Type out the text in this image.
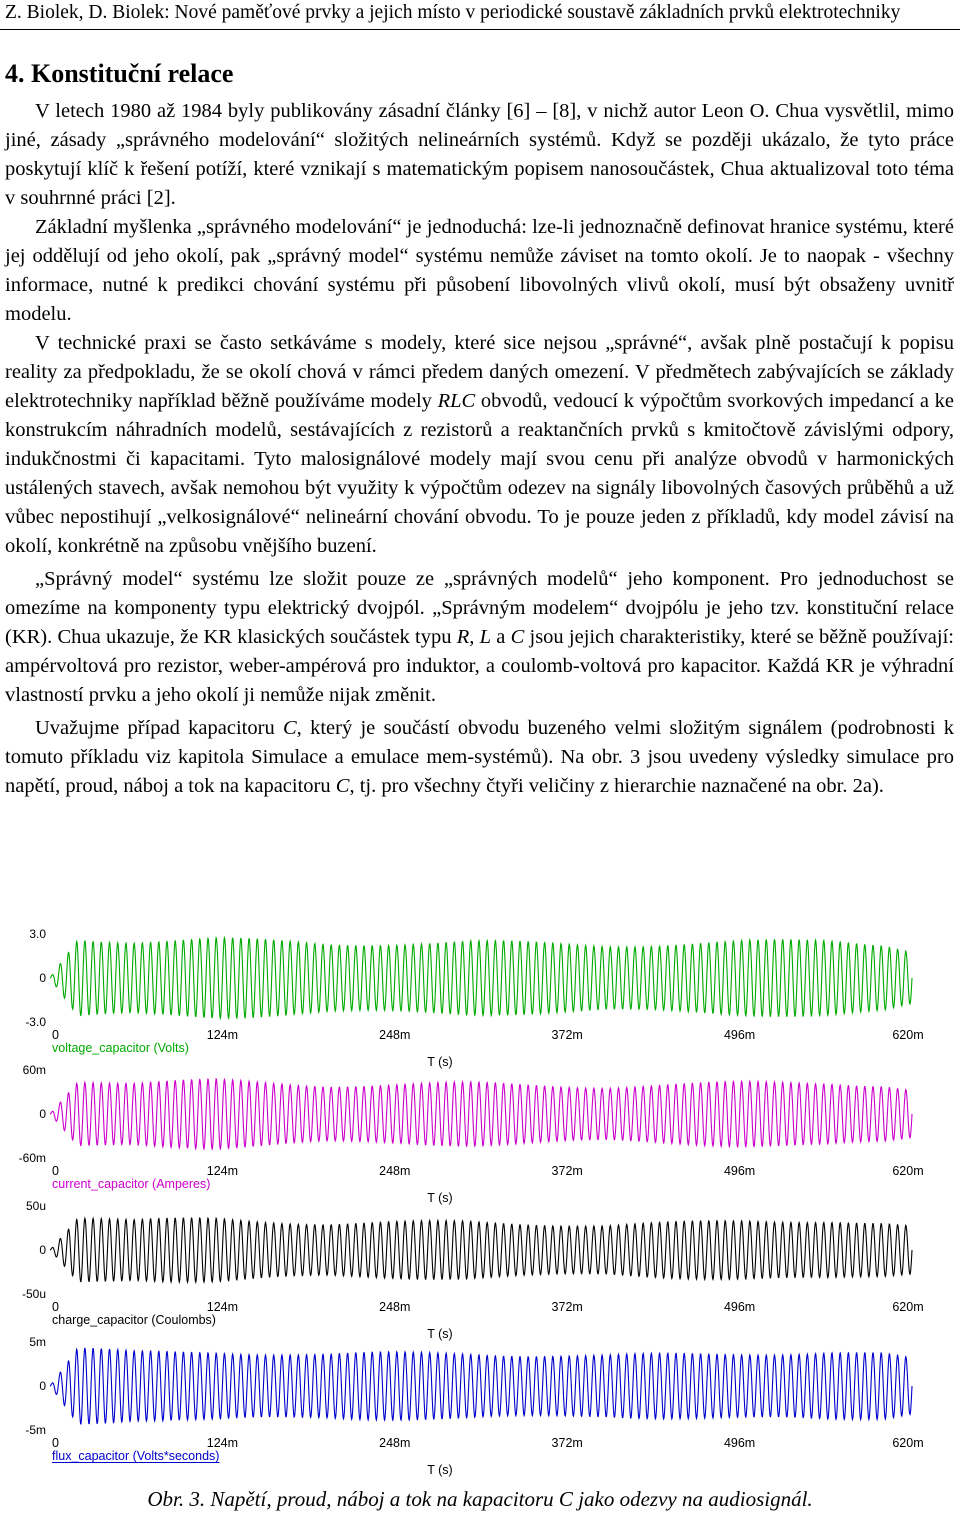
Z. Biolek, D. Biolek: Nové paměťové prvky a jejich místo v periodické soustavě základních prvků elektrotechniky
4. Konstituční relace

V letech 1980 až 1984 byly publikovány zásadní články [6] – [8], v nichž autor Leon O. Chua vysvětlil, mimo jiné, zásady „správného modelování“ složitých nelineárních systémů. Když se později ukázalo, že tyto práce poskytují klíč k řešení potíží, které vznikají s matematickým popisem nanosoučástek, Chua aktualizoval toto téma v souhrnné práci [2].

Základní myšlenka „správného modelování“ je jednoduchá: lze-li jednoznačně definovat hranice systému, které jej oddělují od jeho okolí, pak „správný model“ systému nemůže záviset na tomto okolí. Je to naopak - všechny informace, nutné k predikci chování systému při působení libovolných vlivů okolí, musí být obsaženy uvnitř modelu.

V technické praxi se často setkáváme s modely, které sice nejsou „správné“, avšak plně postačují k popisu reality za předpokladu, že se okolí chová v rámci předem daných omezení. V předmětech zabývajících se základy elektrotechniky například běžně používáme modely RLC obvodů, vedoucí k výpočtům svorkových impedancí a ke konstrukcím náhradních modelů, sestávajících z rezistorů a reaktančních prvků s kmitočtově závislými odpory, indukčnostmi či kapacitami. Tyto malosignálové modely mají svou cenu při analýze obvodů v harmonických ustálených stavech, avšak nemohou být využity k výpočtům odezev na signály libovolných časových průběhů a už vůbec nepostihují „velkosignálové“ nelineární chování obvodu. To je pouze jeden z příkladů, kdy model závisí na okolí, konkrétně na způsobu vnějšího buzení.

„Správný model“ systému lze složit pouze ze „správných modelů“ jeho komponent. Pro jednoduchost se omezíme na komponenty typu elektrický dvojpól. „Správným modelem“ dvojpólu je jeho tzv. konstituční relace (KR). Chua ukazuje, že KR klasických součástek typu R, L a C jsou jejich charakteristiky, které se běžně používají: ampérvoltová pro rezistor, weber-ampérová pro induktor, a coulomb-voltová pro kapacitor. Každá KR je výhradní vlastností prvku a jeho okolí ji nemůže nijak změnit.

Uvažujme případ kapacitoru C, který je součástí obvodu buzeného velmi složitým signálem (podrobnosti k tomuto příkladu viz kapitola Simulace a emulace mem-systémů). Na obr. 3 jsou uvedeny výsledky simulace pro napětí, proud, náboj a tok na kapacitoru C, tj. pro všechny čtyři veličiny z hierarchie naznačené na obr. 2a).

3.0
0
-3.0
0	124m	248m	372m	496m	620m
voltage_capacitor (Volts)
T (s)
60m
0
-60m
0	124m	248m	372m	496m	620m
current_capacitor (Amperes)
T (s)
50u
0
-50u
0	124m	248m	372m	496m	620m
charge_capacitor (Coulombs)
T (s)
5m
0
-5m
0	124m	248m	372m	496m	620m
flux_capacitor (Volts*seconds)
T (s)
Obr. 3. Napětí, proud, náboj a tok na kapacitoru C jako odezvy na audiosignál.
